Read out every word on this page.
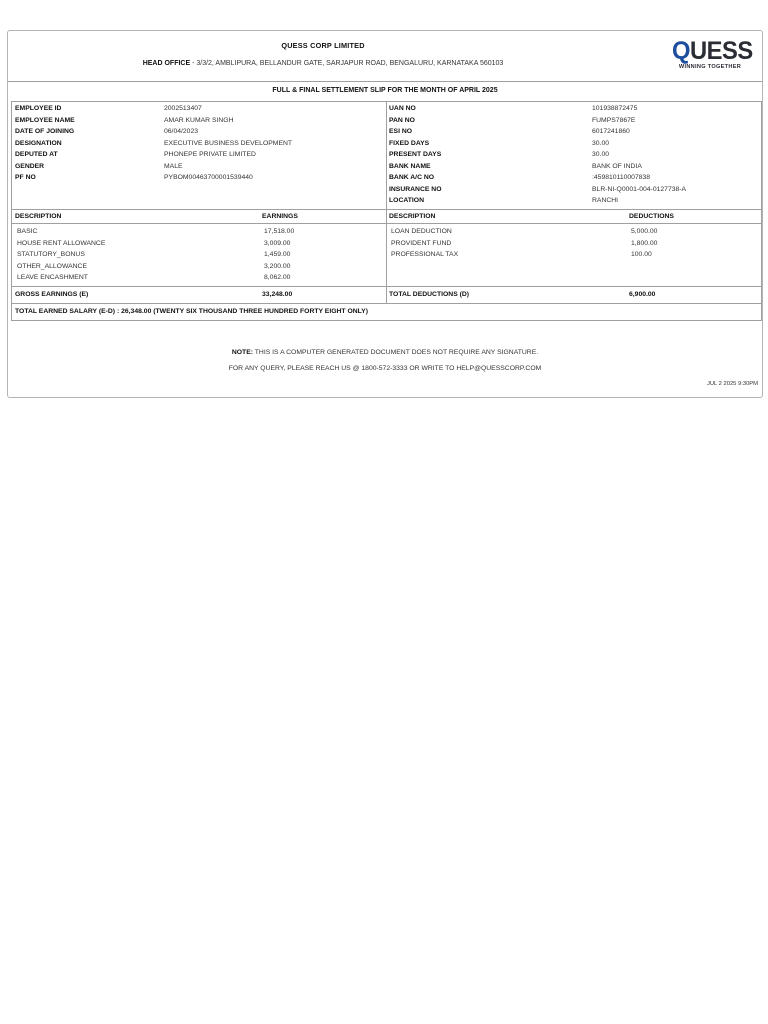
QUESS CORP LIMITED
HEAD OFFICE - 3/3/2, AMBLIPURA, BELLANDUR GATE, SARJAPUR ROAD, BENGALURU, KARNATAKA 560103	QUESS
WINNING TOGETHER
FULL & FINAL SETTLEMENT SLIP FOR THE MONTH OF APRIL 2025
EMPLOYEE ID	2002513407
EMPLOYEE NAME	AMAR KUMAR SINGH
DATE OF JOINING	06/04/2023
DESIGNATION	EXECUTIVE BUSINESS DEVELOPMENT
DEPUTED AT	PHONEPE PRIVATE LIMITED
GENDER	MALE
PF NO	PYBOM00463700001539440
UAN NO	101938872475
PAN NO	FUMPS7867E
ESI NO	6017241860
FIXED DAYS	30.00
PRESENT DAYS	30.00
BANK NAME	BANK OF INDIA
BANK A/C NO	:459810110007838
INSURANCE NO	BLR-NI-Q0001-004-0127738-A
LOCATION	RANCHI
DESCRIPTION	EARNINGS	DESCRIPTION	DEDUCTIONS
BASIC	17,518.00
HOUSE RENT ALLOWANCE	3,009.00
STATUTORY_BONUS	1,459.00
OTHER_ALLOWANCE	3,200.00
LEAVE ENCASHMENT	8,062.00
LOAN DEDUCTION	5,000.00
PROVIDENT FUND	1,800.00
PROFESSIONAL TAX	100.00
GROSS EARNINGS (E)	33,248.00	TOTAL DEDUCTIONS (D)	6,900.00
TOTAL EARNED SALARY (E-D) : 26,348.00 (TWENTY SIX THOUSAND THREE HUNDRED FORTY EIGHT ONLY)
NOTE: THIS IS A COMPUTER GENERATED DOCUMENT DOES NOT REQUIRE ANY SIGNATURE.
FOR ANY QUERY, PLEASE REACH US @ 1800-572-3333 OR WRITE TO HELP@QUESSCORP.COM
JUL 2 2025 9:30PM
